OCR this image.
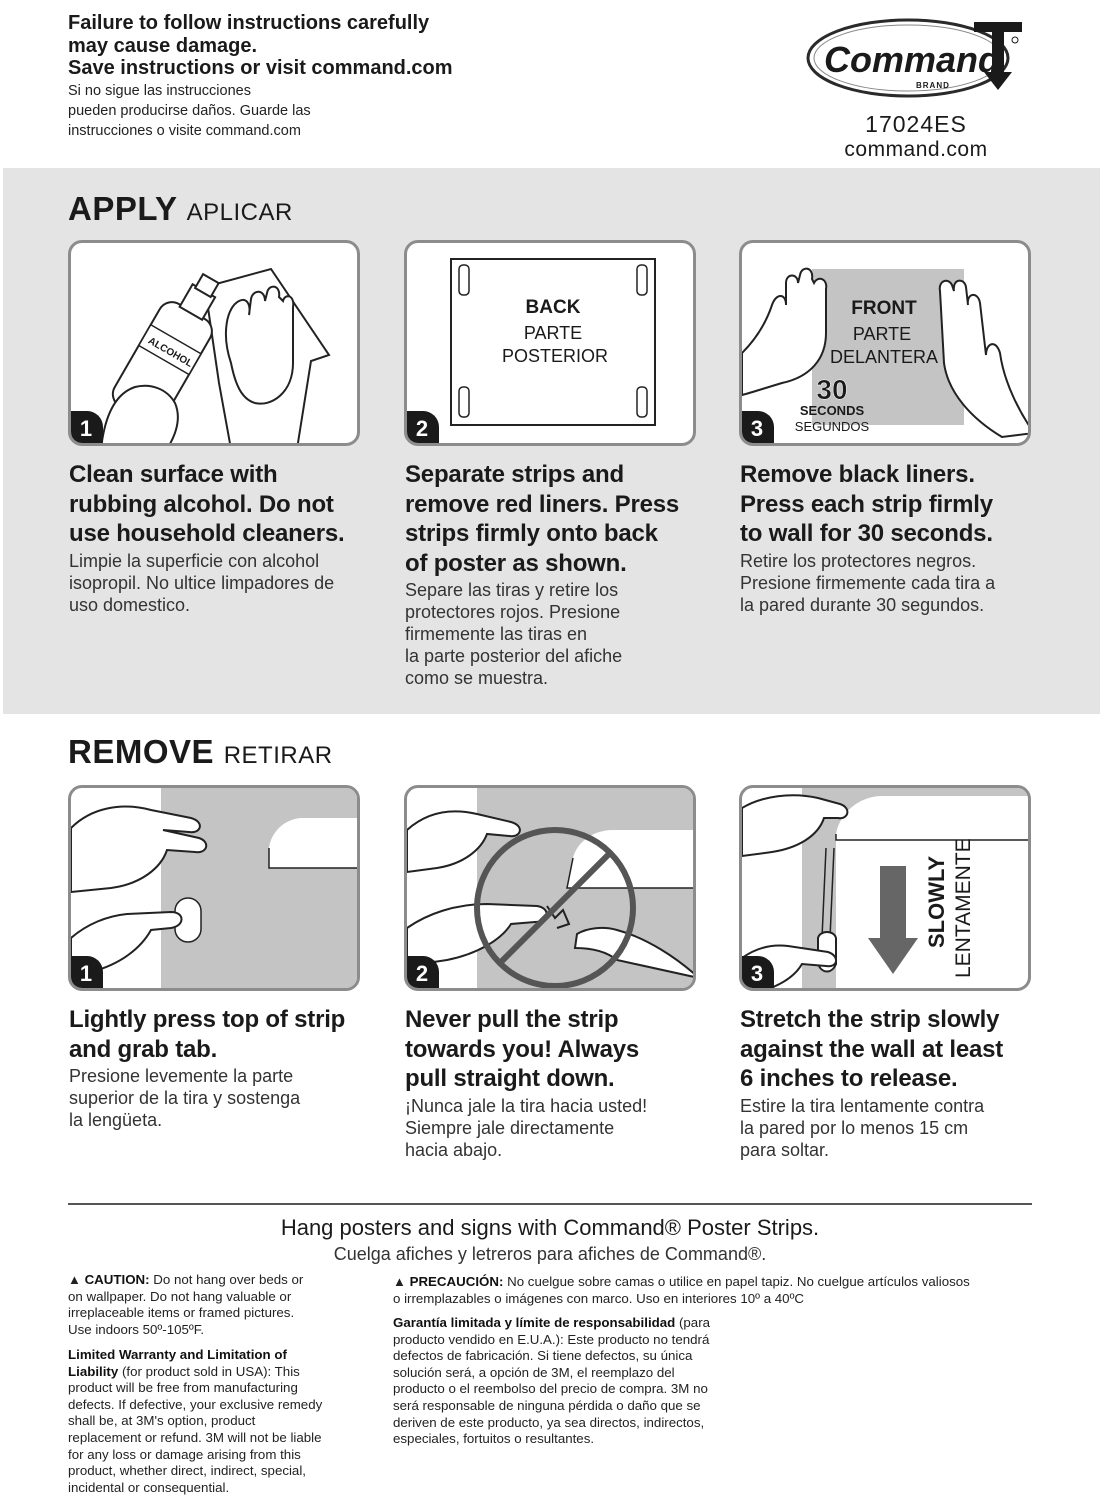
Failure to follow instructions carefully
may cause damage.
Save instructions or visit command.com
Si no sigue las instrucciones
pueden producirse daños. Guarde las
instrucciones o visite command.com
Command
BRAND
17024ES
command.com
APPLY APLICAR
ALCOHOL
1
BACK
PARTE
POSTERIOR
2
FRONT
PARTE
DELANTERA
30
SECONDS
SEGUNDOS
3
Clean surface with
rubbing alcohol. Do not
use household cleaners.
Limpie la superficie con alcohol
isopropil. No ultice limpadores de
uso domestico.
Separate strips and
remove red liners. Press
strips firmly onto back
of poster as shown.
Separe las tiras y retire los
protectores rojos. Presione
firmemente las tiras en
la parte posterior del afiche
como se muestra.
Remove black liners.
Press each strip firmly
to wall for 30 seconds.
Retire los protectores negros.
Presione firmemente cada tira a
la pared durante 30 segundos.
REMOVE RETIRAR
1	2
SLOWLY LENTAMENTE
3
Lightly press top of strip
and grab tab.
Presione levemente la parte
superior de la tira y sostenga
la lengüeta.
Never pull the strip
towards you! Always
pull straight down.
¡Nunca jale la tira hacia usted!
Siempre jale directamente
hacia abajo.
Stretch the strip slowly
against the wall at least
6 inches to release.
Estire la tira lentamente contra
la pared por lo menos 15 cm
para soltar.
Hang posters and signs with Command® Poster Strips.
Cuelga afiches y letreros para afiches de Command®.
▲ CAUTION: Do not hang over beds or
on wallpaper. Do not hang valuable or
irreplaceable items or framed pictures.
Use indoors 50º-105ºF.
Limited Warranty and Limitation of
Liability (for product sold in USA): This
product will be free from manufacturing
defects. If defective, your exclusive remedy
shall be, at 3M's option, product
replacement or refund. 3M will not be liable
for any loss or damage arising from this
product, whether direct, indirect, special,
incidental or consequential.
▲ PRECAUCIÓN: No cuelgue sobre camas o utilice en papel tapiz. No cuelgue artículos valiosos
o irremplazables o imágenes con marco. Uso en interiores 10º a 40ºC
Garantía limitada y límite de responsabilidad (para
producto vendido en E.U.A.): Este producto no tendrá
defectos de fabricación. Si tiene defectos, su única
solución será, a opción de 3M, el reemplazo del
producto o el reembolso del precio de compra. 3M no
será responsable de ninguna pérdida o daño que se
deriven de este producto, ya sea directos, indirectos,
especiales, fortuitos o resultantes.
